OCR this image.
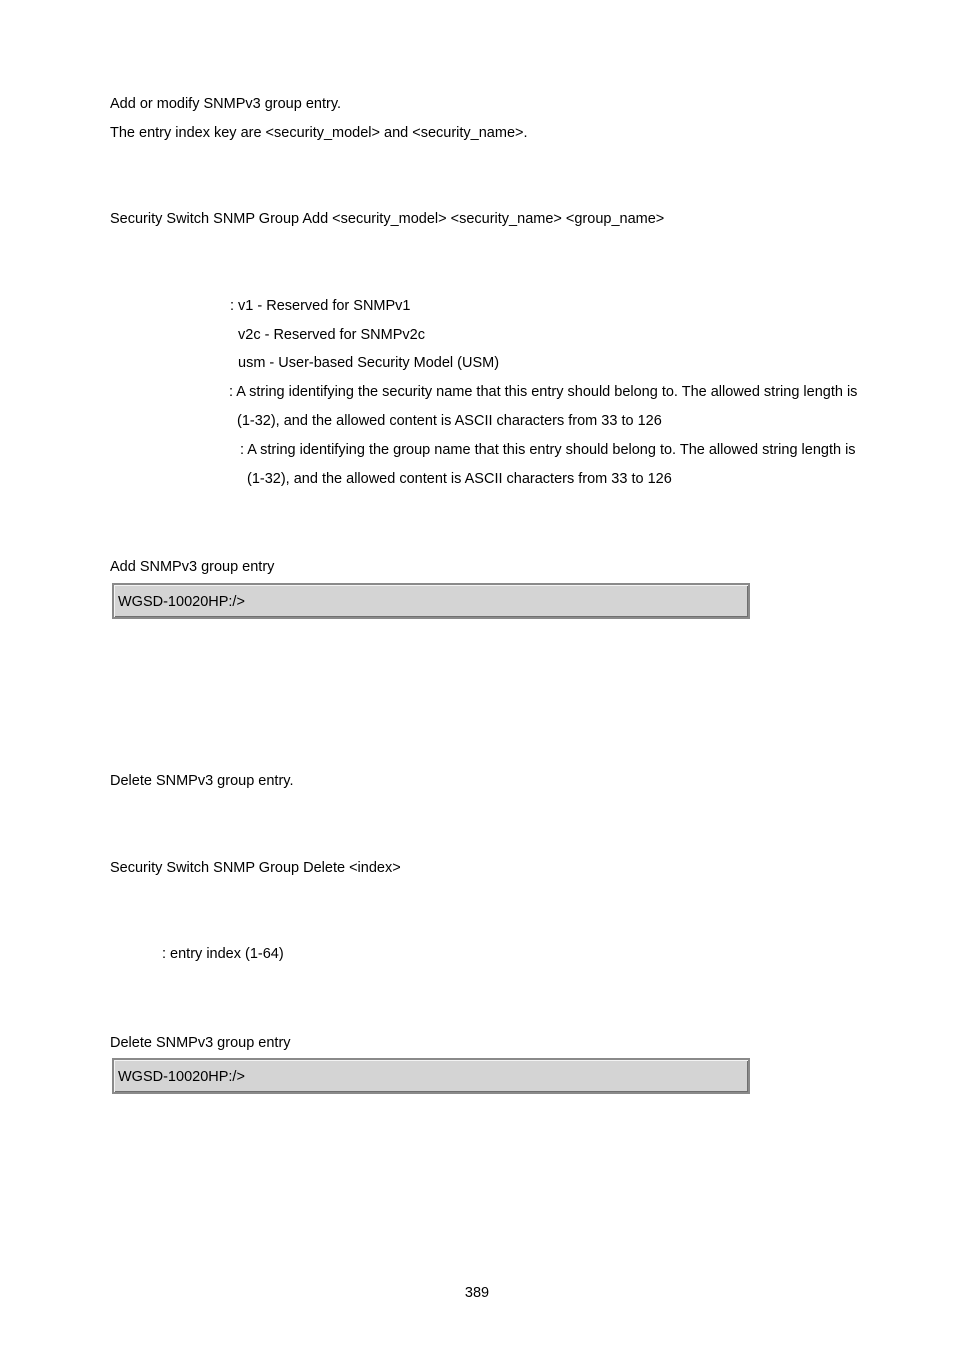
Add or modify SNMPv3 group entry.

The entry index key are <security_model> and <security_name>.

Security Switch SNMP Group Add <security_model> <security_name> <group_name>

: v1 - Reserved for SNMPv1

v2c - Reserved for SNMPv2c

usm - User-based Security Model (USM)

: A string identifying the security name that this entry should belong to. The allowed string length is

(1-32), and the allowed content is ASCII characters from 33 to 126

: A string identifying the group name that this entry should belong to. The allowed string length is

(1-32), and the allowed content is ASCII characters from 33 to 126

Add SNMPv3 group entry

WGSD-10020HP:/>

Delete SNMPv3 group entry.

Security Switch SNMP Group Delete <index>

: entry index (1-64)

Delete SNMPv3 group entry

WGSD-10020HP:/>
389
